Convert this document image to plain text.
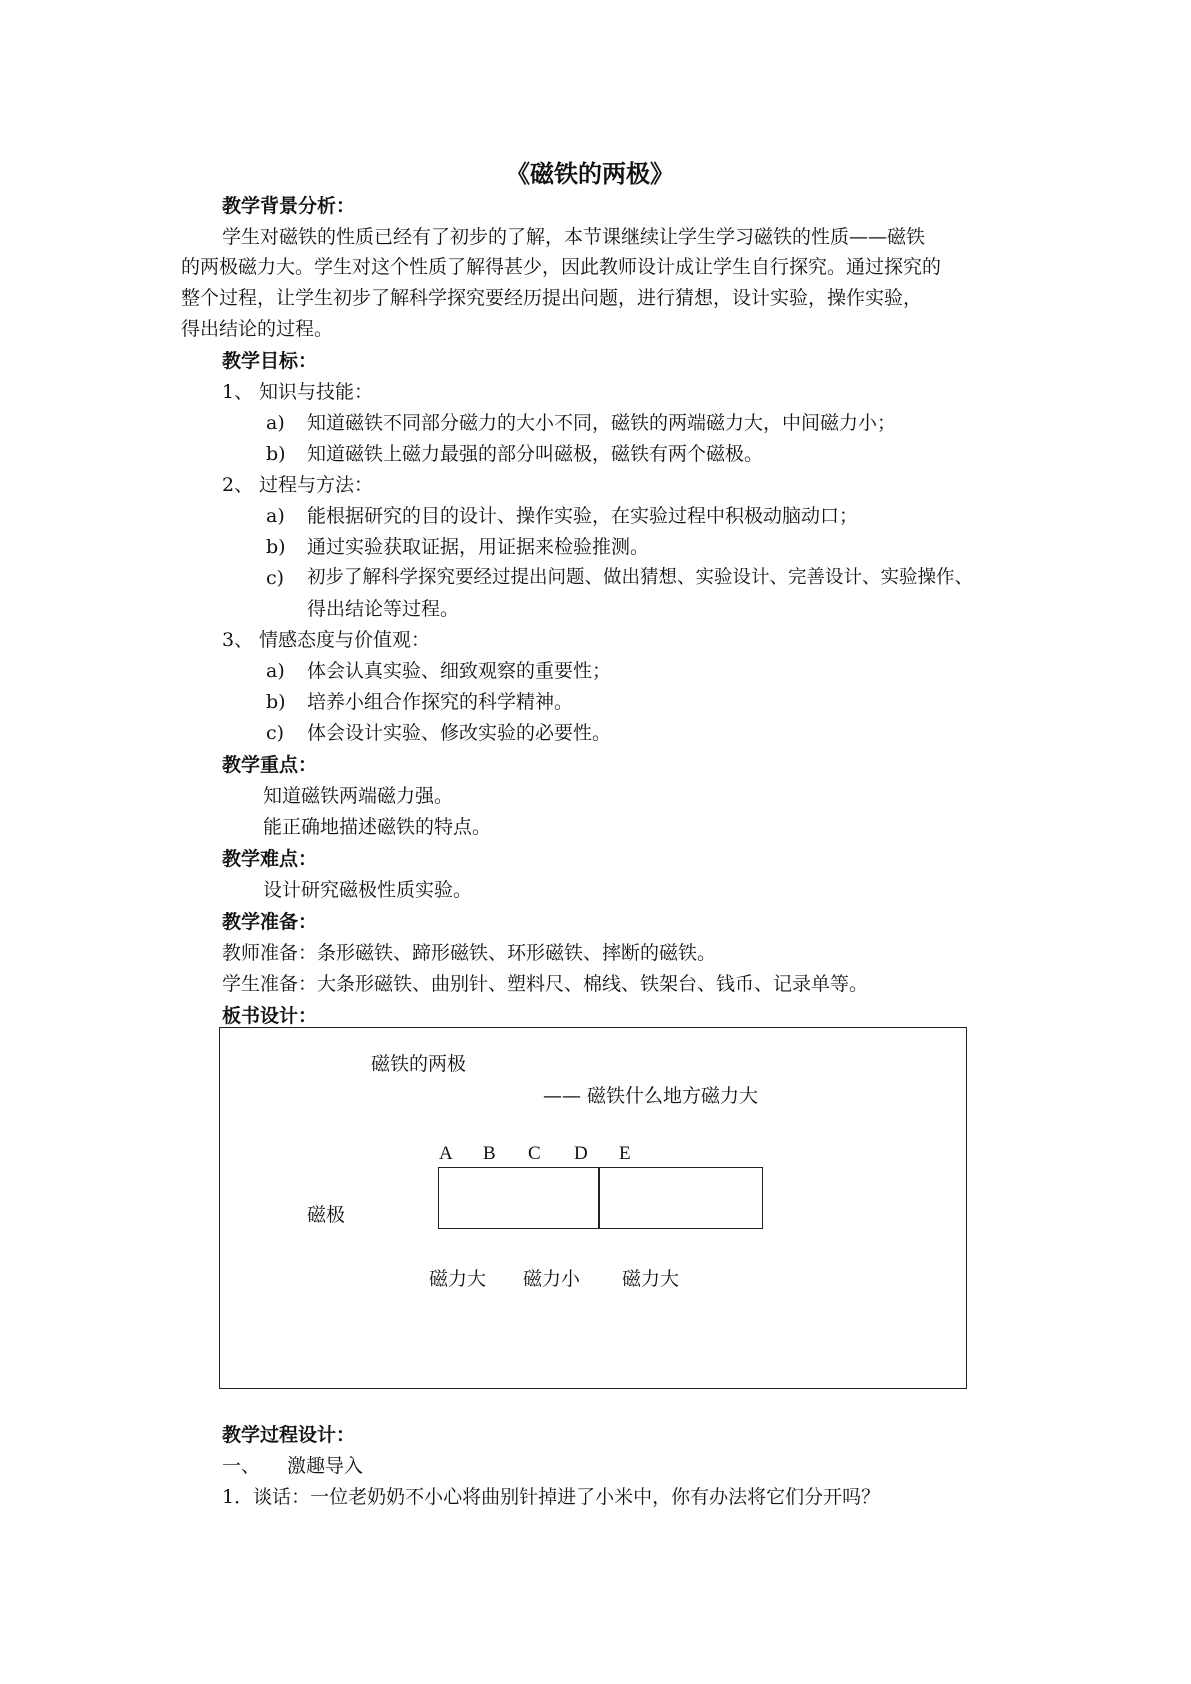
《磁铁的两极》
教学背景分析：
学生对磁铁的性质已经有了初步的了解，本节课继续让学生学习磁铁的性质——磁铁
的两极磁力大。学生对这个性质了解得甚少，因此教师设计成让学生自行探究。通过探究的
整个过程，让学生初步了解科学探究要经历提出问题，进行猜想，设计实验，操作实验，
得出结论的过程。
教学目标：
1、 知识与技能：
a) 知道磁铁不同部分磁力的大小不同，磁铁的两端磁力大，中间磁力小；
b) 知道磁铁上磁力最强的部分叫磁极，磁铁有两个磁极。
2、 过程与方法：
a) 能根据研究的目的设计、操作实验，在实验过程中积极动脑动口；
b) 通过实验获取证据，用证据来检验推测。
c) 初步了解科学探究要经过提出问题、做出猜想、实验设计、完善设计、实验操作、
得出结论等过程。
3、 情感态度与价值观：
a) 体会认真实验、细致观察的重要性；
b) 培养小组合作探究的科学精神。
c) 体会设计实验、修改实验的必要性。
教学重点：
知道磁铁两端磁力强。
能正确地描述磁铁的特点。
教学难点：
设计研究磁极性质实验。
教学准备：
教师准备：条形磁铁、蹄形磁铁、环形磁铁、摔断的磁铁。
学生准备：大条形磁铁、曲别针、塑料尺、棉线、铁架台、钱币、记录单等。
板书设计：
磁铁的两极
—— 磁铁什么地方磁力大
A B C D E
磁极
磁力大 磁力小 磁力大
教学过程设计：
一、 激趣导入
1．谈话：一位老奶奶不小心将曲别针掉进了小米中，你有办法将它们分开吗？
